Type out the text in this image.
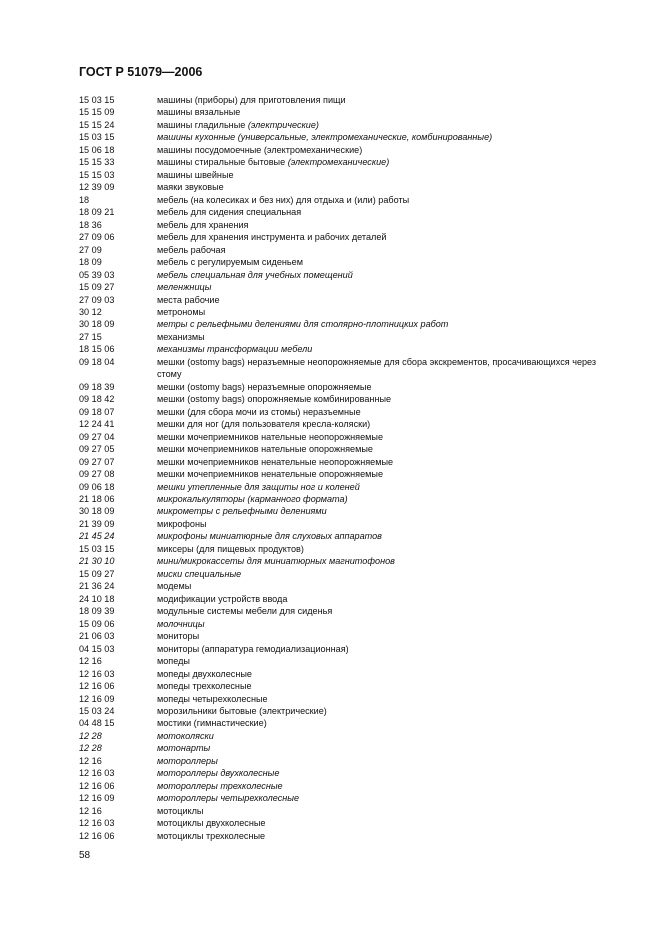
ГОСТ Р 51079—2006
15 03 15	машины (приборы) для приготовления пищи
15 15 09	машины вязальные
15 15 24	машины гладильные (электрические)
15 03 15	машины кухонные (универсальные, электромеханические, комбинированные)
15 06 18	машины посудомоечные (электромеханические)
15 15 33	машины стиральные бытовые (электромеханические)
15 15 03	машины швейные
12 39 09	маяки звуковые
18	мебель (на колесиках и без них) для отдыха и (или) работы
18 09 21	мебель для сидения специальная
18 36	мебель для хранения
27 09 06	мебель для хранения инструмента и рабочих деталей
27 09	мебель рабочая
18 09	мебель с регулируемым сиденьем
05 39 03	мебель специальная для учебных помещений
15 09 27	меленжницы
27 09 03	места рабочие
30 12	метрономы
30 18 09	метры с рельефными делениями для столярно-плотницких работ
27 15	механизмы
18 15 06	механизмы трансформации мебели
09 18 04	мешки (ostomy bags) неразъемные неопорожняемые для сбора экскрементов, просачивающихся через стому
09 18 39	мешки (ostomy bags) неразъемные опорожняемые
09 18 42	мешки (ostomy bags) опорожняемые комбинированные
09 18 07	мешки (для сбора мочи из стомы) неразъемные
12 24 41	мешки для ног (для пользователя кресла-коляски)
09 27 04	мешки мочеприемников нательные неопорожняемые
09 27 05	мешки мочеприемников нательные опорожняемые
09 27 07	мешки мочеприемников ненательные неопорожняемые
09 27 08	мешки мочеприемников ненательные опорожняемые
09 06 18	мешки утепленные для защиты ног и коленей
21 18 06	микрокалькуляторы (карманного формата)
30 18 09	микрометры с рельефными делениями
21 39 09	микрофоны
21 45 24	микрофоны миниатюрные для слуховых аппаратов
15 03 15	миксеры (для пищевых продуктов)
21 30 10	мини/микрокассеты для миниатюрных магнитофонов
15 09 27	миски специальные
21 36 24	модемы
24 10 18	модификации устройств ввода
18 09 39	модульные системы мебели для сиденья
15 09 06	молочницы
21 06 03	мониторы
04 15 03	мониторы (аппаратура гемодиализационная)
12 16	мопеды
12 16 03	мопеды двухколесные
12 16 06	мопеды трехколесные
12 16 09	мопеды четырехколесные
15 03 24	морозильники бытовые (электрические)
04 48 15	мостики (гимнастические)
12 28	мотоколяски
12 28	мотонарты
12 16	мотороллеры
12 16 03	мотороллеры двухколесные
12 16 06	мотороллеры трехколесные
12 16 09	мотороллеры четырехколесные
12 16	мотоциклы
12 16 03	мотоциклы двухколесные
12 16 06	мотоциклы трехколесные
58
